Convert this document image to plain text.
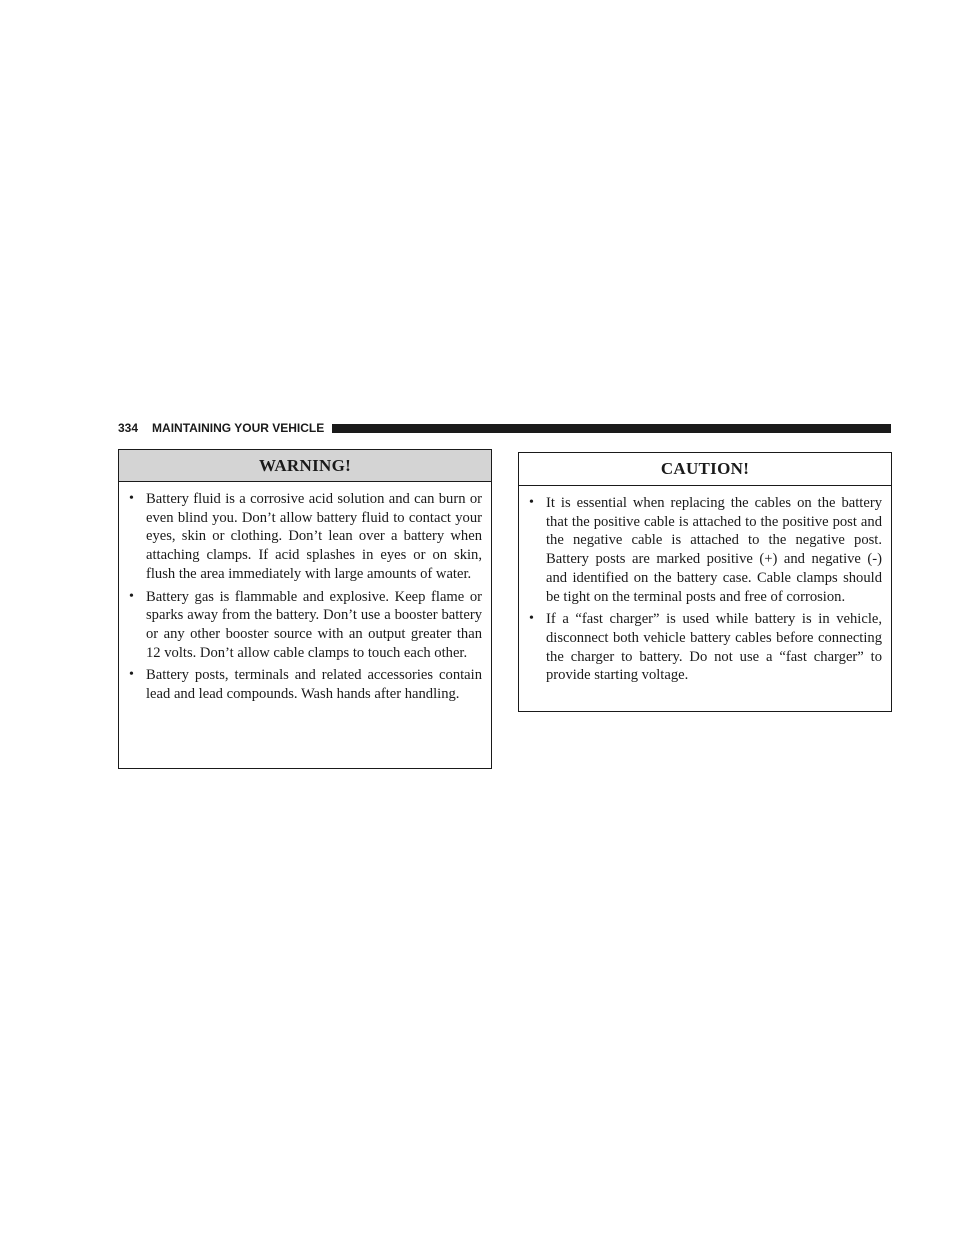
334 MAINTAINING YOUR VEHICLE
WARNING!
• Battery fluid is a corrosive acid solution and can burn or even blind you. Don’t allow battery fluid to contact your eyes, skin or clothing. Don’t lean over a battery when attaching clamps. If acid splashes in eyes or on skin, flush the area immediately with large amounts of water.
• Battery gas is flammable and explosive. Keep flame or sparks away from the battery. Don’t use a booster battery or any other booster source with an output greater than 12 volts. Don’t allow cable clamps to touch each other.
• Battery posts, terminals and related accessories contain lead and lead compounds. Wash hands after handling.
CAUTION!
• It is essential when replacing the cables on the battery that the positive cable is attached to the positive post and the negative cable is attached to the negative post. Battery posts are marked positive (+) and negative (-) and identified on the battery case. Cable clamps should be tight on the terminal posts and free of corrosion.
• If a “fast charger” is used while battery is in vehicle, disconnect both vehicle battery cables before connecting the charger to battery. Do not use a “fast charger” to provide starting voltage.
